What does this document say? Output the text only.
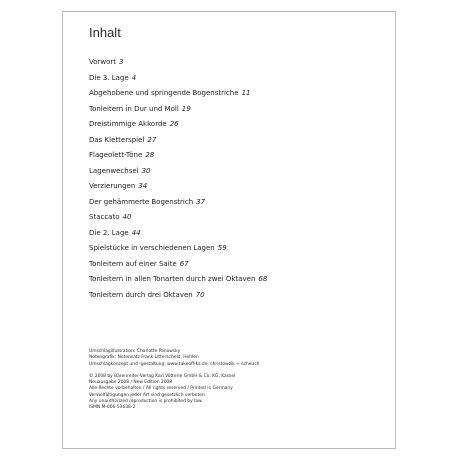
Inhalt
Vorwort 3
Die 3. Lage 4
Abgehobene und springende Bogenstriche 11
Tonleitern in Dur und Moll 19
Dreistimmige Akkorde 26
Das Kletterspiel 27
Flageolett-Töne 28
Lagenwechsel 30
Verzierungen 34
Der gehämmerte Bogenstrich 37
Staccato 40
Die 2. Lage 44
Spielstücke in verschiedenen Lagen 59
Tonleitern auf einer Saite 67
Tonleitern in allen Tonarten durch zwei Oktaven 68
Tonleitern durch drei Oktaven 70
Umschlagillustration: Charlotte Panowsky
Notengrafik: Notensatz Frank Litterscheid, Hehlen
Umschlagkonzept und -gestaltung: www.takeoff-ks.de, christowzik + scheuch
© 2008 by Bärenreiter-Verlag Karl Vötterle GmbH & Co. KG, Kassel
Neuausgabe 2008 / New Edition 2008
Alle Rechte vorbehalten / All rights reserved / Printed in Germany
Vervielfältigungen jeder Art sind gesetzlich verboten.
Any unauthorized reproduction is prohibited by law.
ISMN M-006-53638-2
